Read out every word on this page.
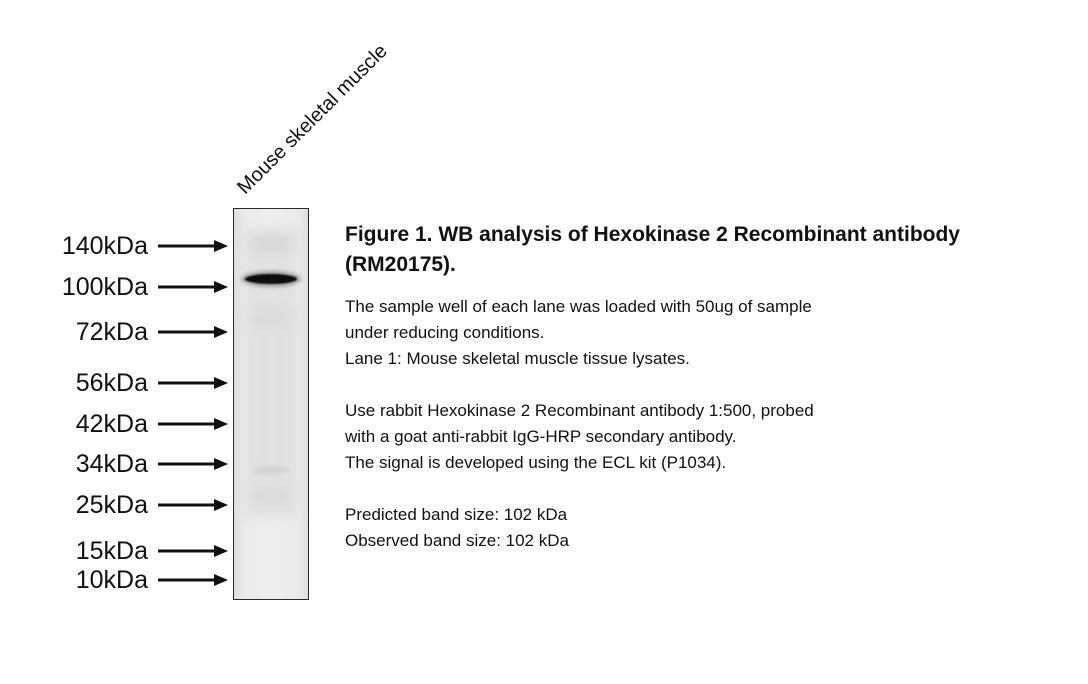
Mouse skeletal muscle
140kDa
100kDa
72kDa
56kDa
42kDa
34kDa
25kDa
15kDa
10kDa
Figure 1. WB analysis of Hexokinase 2 Recombinant antibody (RM20175).
The sample well of each lane was loaded with 50ug of sample
under reducing conditions.
Lane 1: Mouse skeletal muscle tissue lysates.
Use rabbit Hexokinase 2 Recombinant antibody 1:500, probed
with a goat anti-rabbit IgG-HRP secondary antibody.
The signal is developed using the ECL kit (P1034).
Predicted band size: 102 kDa
Observed band size: 102 kDa
